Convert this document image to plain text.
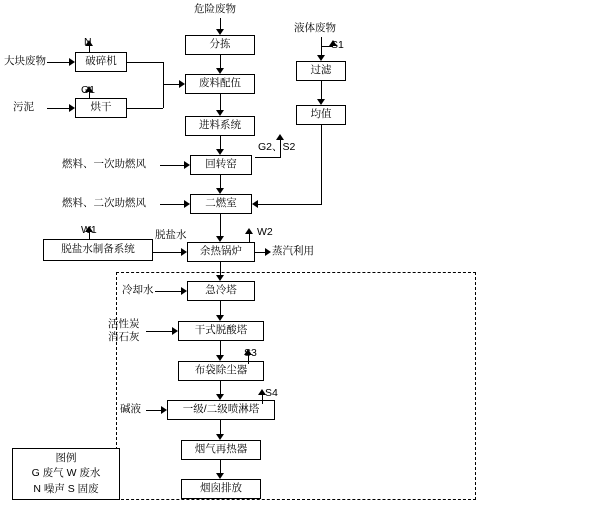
危险废物
液体废物
分拣
废料配伍
进料系统
回转窑
二燃室
余热锅炉
急冷塔
干式脱酸塔
布袋除尘器
一级/二级喷淋塔
烟气再热器
烟囱排放
过滤
均值
破碎机
烘干
脱盐水制备系统
大块废物
污泥
燃料、一次助燃风
燃料、二次助燃风
冷却水
活性炭
消石灰
碱液
蒸汽利用
N
G1
S1
G2、S2
W1	W2
脱盐水
S3
S4
图例
G 废气 W 废水
N 噪声 S 固废
